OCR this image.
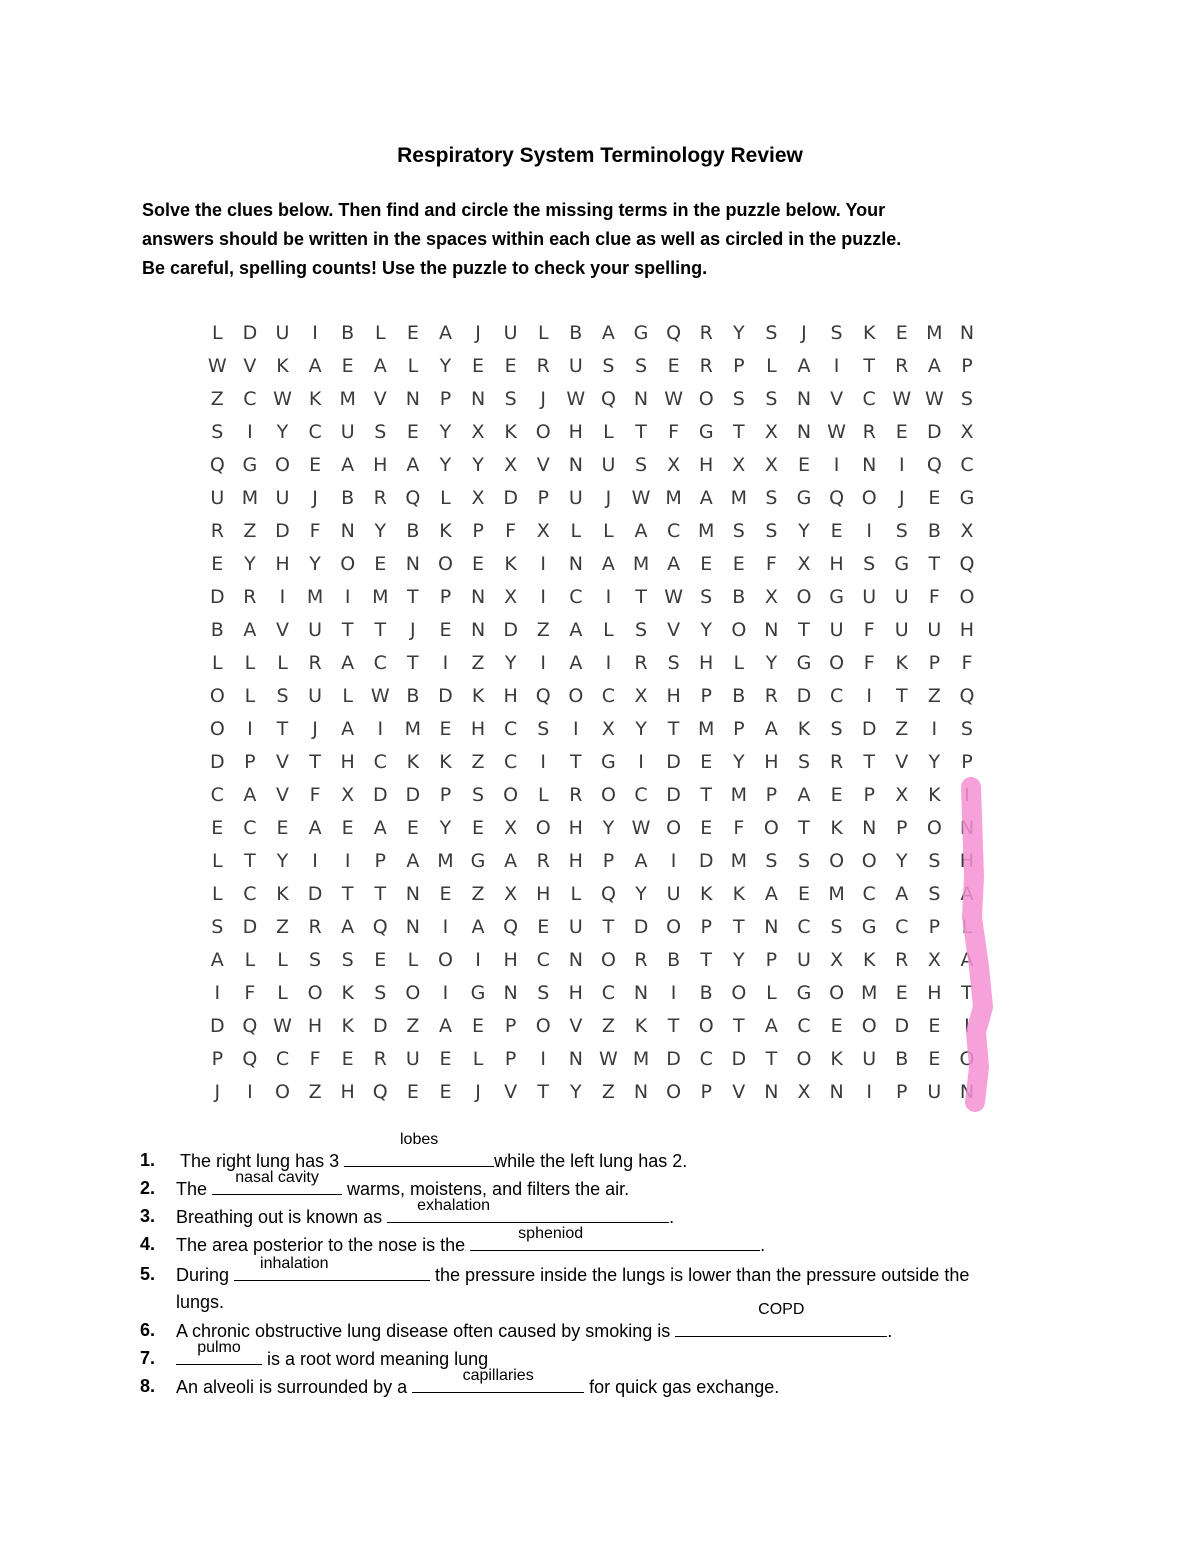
Respiratory System Terminology Review
Solve the clues below. Then find and circle the missing terms in the puzzle below. Your
answers should be written in the spaces within each clue as well as circled in the puzzle.
Be careful, spelling counts! Use the puzzle to check your spelling.
L	D U	I	B	L	E	A	J	U	L	B	A G Q R	Y	S	J	S	K	E M N
W V	K	A	E	A	L	Y	E	E	R	U	S	S	E	R	P	L	A	I	T	R	A	P
Z	C W K M V N	P	N	S	J	W Q N W O	S	S	N V	C W W S
S	I	Y	C U	S	E	Y	X	K O H	L	T	F	G	T	X N W R	E	D X
Q G O	E	A H A	Y	Y	X	V N U	S	X H X	X	E	I	N	I	Q C
U M U	J	B	R Q	L	X D	P	U	J	W M A M S	G Q O	J	E	G
R	Z D	F	N	Y	B	K	P	F	X	L	L	A	C M S	S	Y	E	I	S	B	X
E	Y	H	Y	O	E	N O	E	K	I	N A M A	E	E	F	X H	S	G	T	Q
D R	I	M	I	M T	P	N X	I	C	I	T W S	B	X O G U U	F	O
B	A	V	U	T	T	J	E	N D Z	A	L	S	V	Y	O N	T	U	F	U U H
L	L	L	R	A	C	T	I	Z	Y	I	A	I	R	S	H	L	Y	G O	F	K	P	F
O	L	S	U	L W B D	K	H Q O C	X H	P	B	R D C	I	T	Z Q
O	I	T	J	A	I	M E	H C	S	I	X	Y	T M P	A	K	S	D Z	I	S
D	P	V	T	H C	K	K	Z	C	I	T	G	I	D	E	Y	H	S	R	T	V	Y	P
C	A	V	F	X D D	P	S	O	L	R O C D	T M P	A	E	P	X	K	I
E	C	E	A	E	A	E	Y	E	X O H	Y W O	E	F	O	T	K	N	P	O N
L	T	Y	I	I	P	A M G A	R H	P	A	I	D M S	S	O O	Y	S	H
L	C	K	D	T	T	N	E	Z	X H	L	Q	Y	U	K	K	A	E M C	A	S	A
S	D Z	R	A Q N	I	A Q	E	U	T	D O	P	T	N C	S	G C	P	L
A	L	L	S	S	E	L	O	I	H C N O R	B	T	Y	P	U	X	K	R	X	A
I	F	L	O K	S	O	I	G N	S	H C N	I	B O	L	G O M E	H	T
D Q W H	K	D Z	A	E	P	O V	Z	K	T	O	T	A	C	E	O D	E	I
P	Q C	F	E	R	U	E	L	P	I	N W M D C D	T	O K	U	B	E	O
J	I	O Z H Q	E	E	J	V	T	Y	Z N O	P	V N X N	I	P	U N
1.	The right lung has 3
lobes
while the left lung has 2.
2.	The
nasal cavity
warms, moistens, and filters the air.
3.	Breathing out is known as
exhalation
.
4.	The area posterior to the nose is the
spheniod
.
5.	During
inhalation
the pressure inside the lungs is lower than the pressure outside the
lungs.
6.	A chronic obstructive lung disease often caused by smoking is
COPD
.
7.
pulmo
is a root word meaning lung
8.	An alveoli is surrounded by a
capillaries
for quick gas exchange.
